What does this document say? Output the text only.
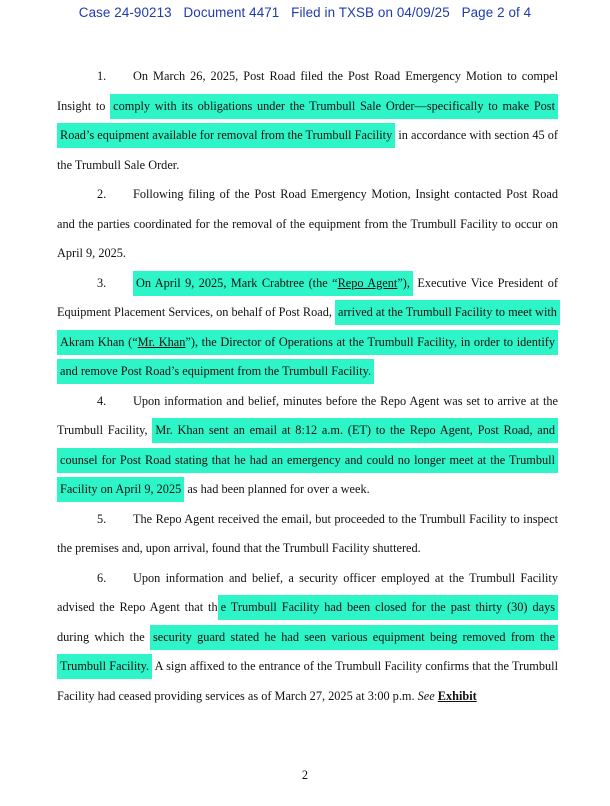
Case 24-90213 Document 4471 Filed in TXSB on 04/09/25 Page 2 of 4

1. On March 26, 2025, Post Road filed the Post Road Emergency Motion to compel Insight to comply with its obligations under the Trumbull Sale Order—specifically to make Post Road’s equipment available for removal from the Trumbull Facility in accordance with section 45 of the Trumbull Sale Order.

2. Following filing of the Post Road Emergency Motion, Insight contacted Post Road and the parties coordinated for the removal of the equipment from the Trumbull Facility to occur on April 9, 2025.

3. On April 9, 2025, Mark Crabtree (the “Repo Agent”), Executive Vice President of Equipment Placement Services, on behalf of Post Road, arrived at the Trumbull Facility to meet with Akram Khan (“Mr. Khan”), the Director of Operations at the Trumbull Facility, in order to identify and remove Post Road’s equipment from the Trumbull Facility.

4. Upon information and belief, minutes before the Repo Agent was set to arrive at the Trumbull Facility, Mr. Khan sent an email at 8:12 a.m. (ET) to the Repo Agent, Post Road, and counsel for Post Road stating that he had an emergency and could no longer meet at the Trumbull Facility on April 9, 2025 as had been planned for over a week.

5. The Repo Agent received the email, but proceeded to the Trumbull Facility to inspect the premises and, upon arrival, found that the Trumbull Facility shuttered.

6. Upon information and belief, a security officer employed at the Trumbull Facility advised the Repo Agent that th e Trumbull Facility had been closed for the past thirty (30) days during which the security guard stated he had seen various equipment being removed from the Trumbull Facility. A sign affixed to the entrance of the Trumbull Facility confirms that the Trumbull Facility had ceased providing services as of March 27, 2025 at 3:00 p.m. See Exhibit

2
